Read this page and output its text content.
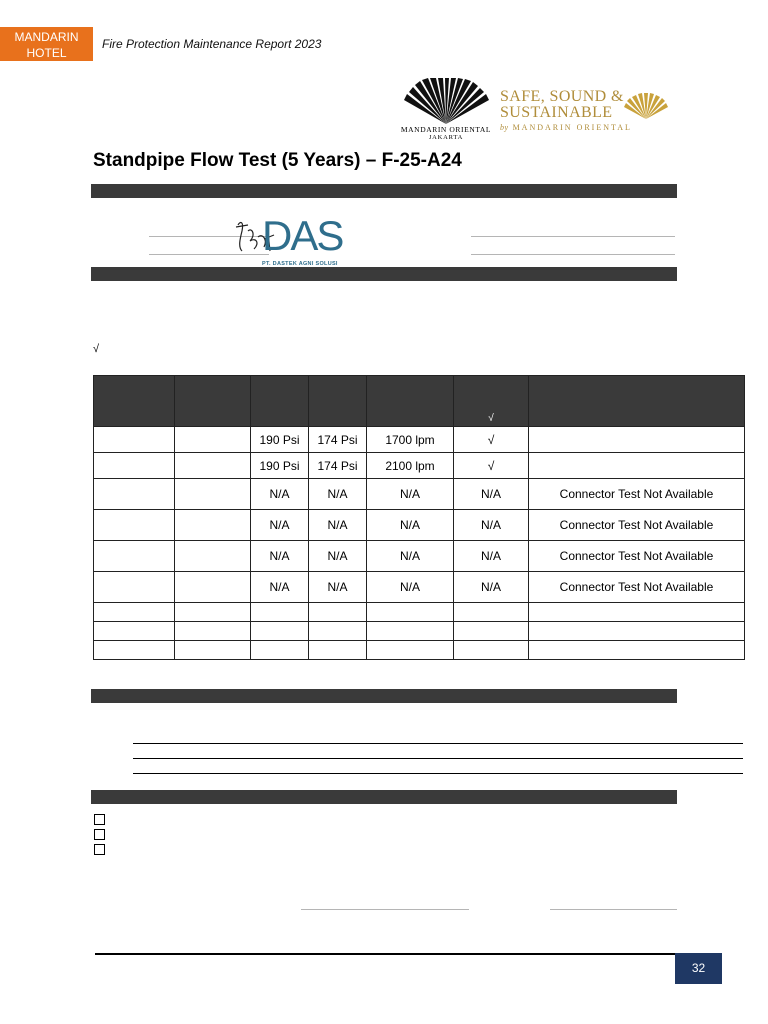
MANDARIN
HOTEL
Fire Protection Maintenance Report 2023
MANDARIN ORIENTAL
JAKARTA
SAFE, SOUND &
SUSTAINABLE
by MANDARIN ORIENTAL
Standpipe Flow Test (5 Years) – F-25-A24
DAS
PT. DASTEK AGNI SOLUSI
√
					√	
		190 Psi	174 Psi	1700 lpm	√	
		190 Psi	174 Psi	2100 lpm	√	
		N/A	N/A	N/A	N/A	Connector Test Not Available
		N/A	N/A	N/A	N/A	Connector Test Not Available
		N/A	N/A	N/A	N/A	Connector Test Not Available
		N/A	N/A	N/A	N/A	Connector Test Not Available

32
